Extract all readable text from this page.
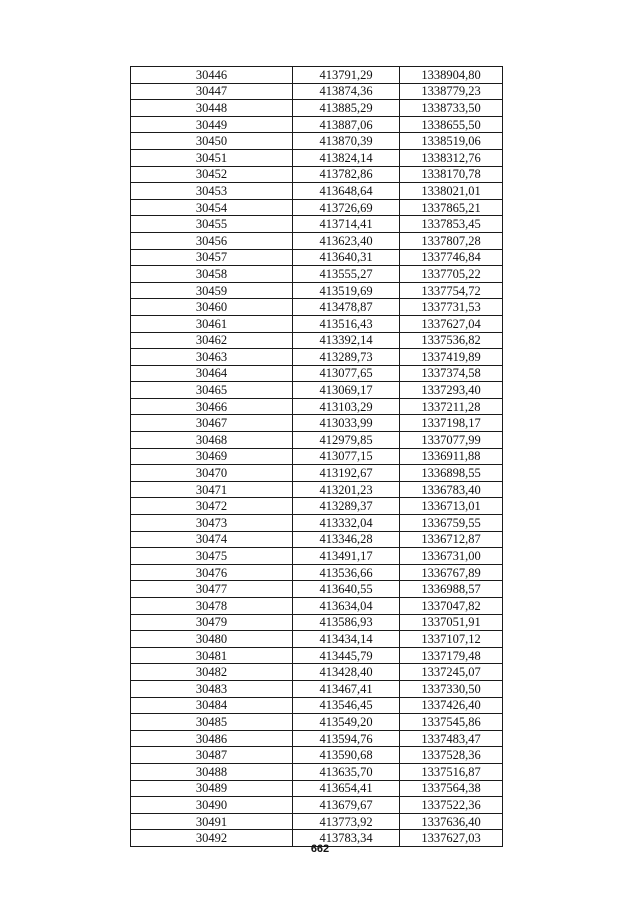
30446	413791,29	1338904,80
30447	413874,36	1338779,23
30448	413885,29	1338733,50
30449	413887,06	1338655,50
30450	413870,39	1338519,06
30451	413824,14	1338312,76
30452	413782,86	1338170,78
30453	413648,64	1338021,01
30454	413726,69	1337865,21
30455	413714,41	1337853,45
30456	413623,40	1337807,28
30457	413640,31	1337746,84
30458	413555,27	1337705,22
30459	413519,69	1337754,72
30460	413478,87	1337731,53
30461	413516,43	1337627,04
30462	413392,14	1337536,82
30463	413289,73	1337419,89
30464	413077,65	1337374,58
30465	413069,17	1337293,40
30466	413103,29	1337211,28
30467	413033,99	1337198,17
30468	412979,85	1337077,99
30469	413077,15	1336911,88
30470	413192,67	1336898,55
30471	413201,23	1336783,40
30472	413289,37	1336713,01
30473	413332,04	1336759,55
30474	413346,28	1336712,87
30475	413491,17	1336731,00
30476	413536,66	1336767,89
30477	413640,55	1336988,57
30478	413634,04	1337047,82
30479	413586,93	1337051,91
30480	413434,14	1337107,12
30481	413445,79	1337179,48
30482	413428,40	1337245,07
30483	413467,41	1337330,50
30484	413546,45	1337426,40
30485	413549,20	1337545,86
30486	413594,76	1337483,47
30487	413590,68	1337528,36
30488	413635,70	1337516,87
30489	413654,41	1337564,38
30490	413679,67	1337522,36
30491	413773,92	1337636,40
30492	413783,34	1337627,03
662
